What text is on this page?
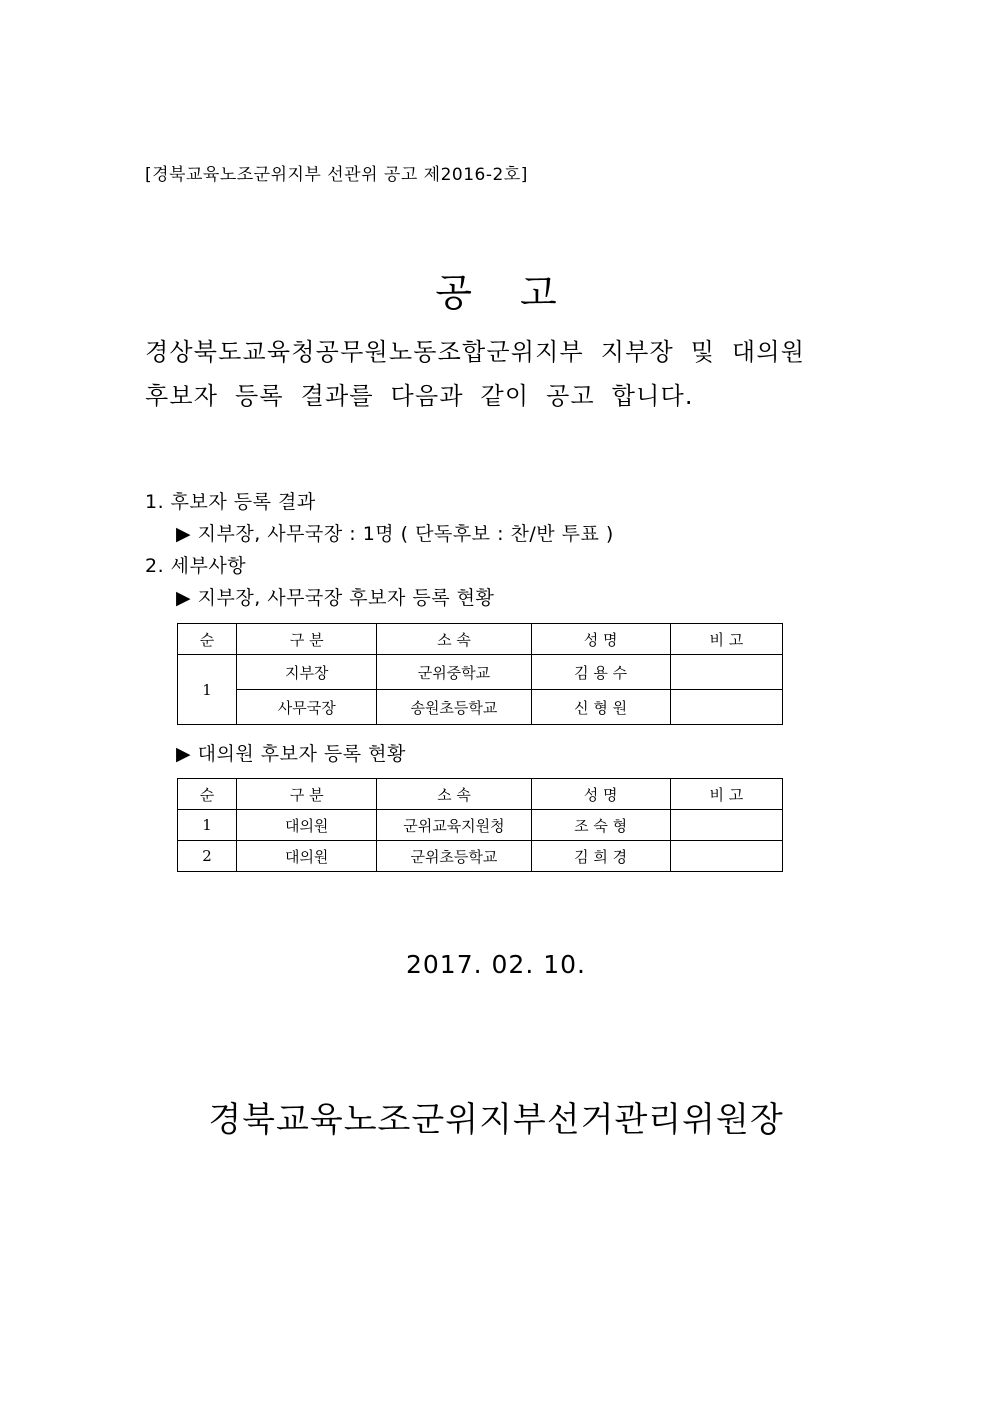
[경북교육노조군위지부 선관위 공고 제2016-2호]
공 고
경상북도교육청공무원노동조합군위지부 지부장 및 대의원
후보자 등록 결과를 다음과 같이 공고 합니다.
1. 후보자 등록 결과
▶ 지부장, 사무국장 : 1명 ( 단독후보 : 찬/반 투표 )
2. 세부사항
▶ 지부장, 사무국장 후보자 등록 현황
순	구 분	소 속	성 명	비 고
1	지부장	군위중학교	김 용 수	
	사무국장	송원초등학교	신 형 원	
▶ 대의원 후보자 등록 현황
순	구 분	소 속	성 명	비 고
1	대의원	군위교육지원청	조 숙 형	
2	대의원	군위초등학교	김 희 경	
2017. 02. 10.
경북교육노조군위지부선거관리위원장
